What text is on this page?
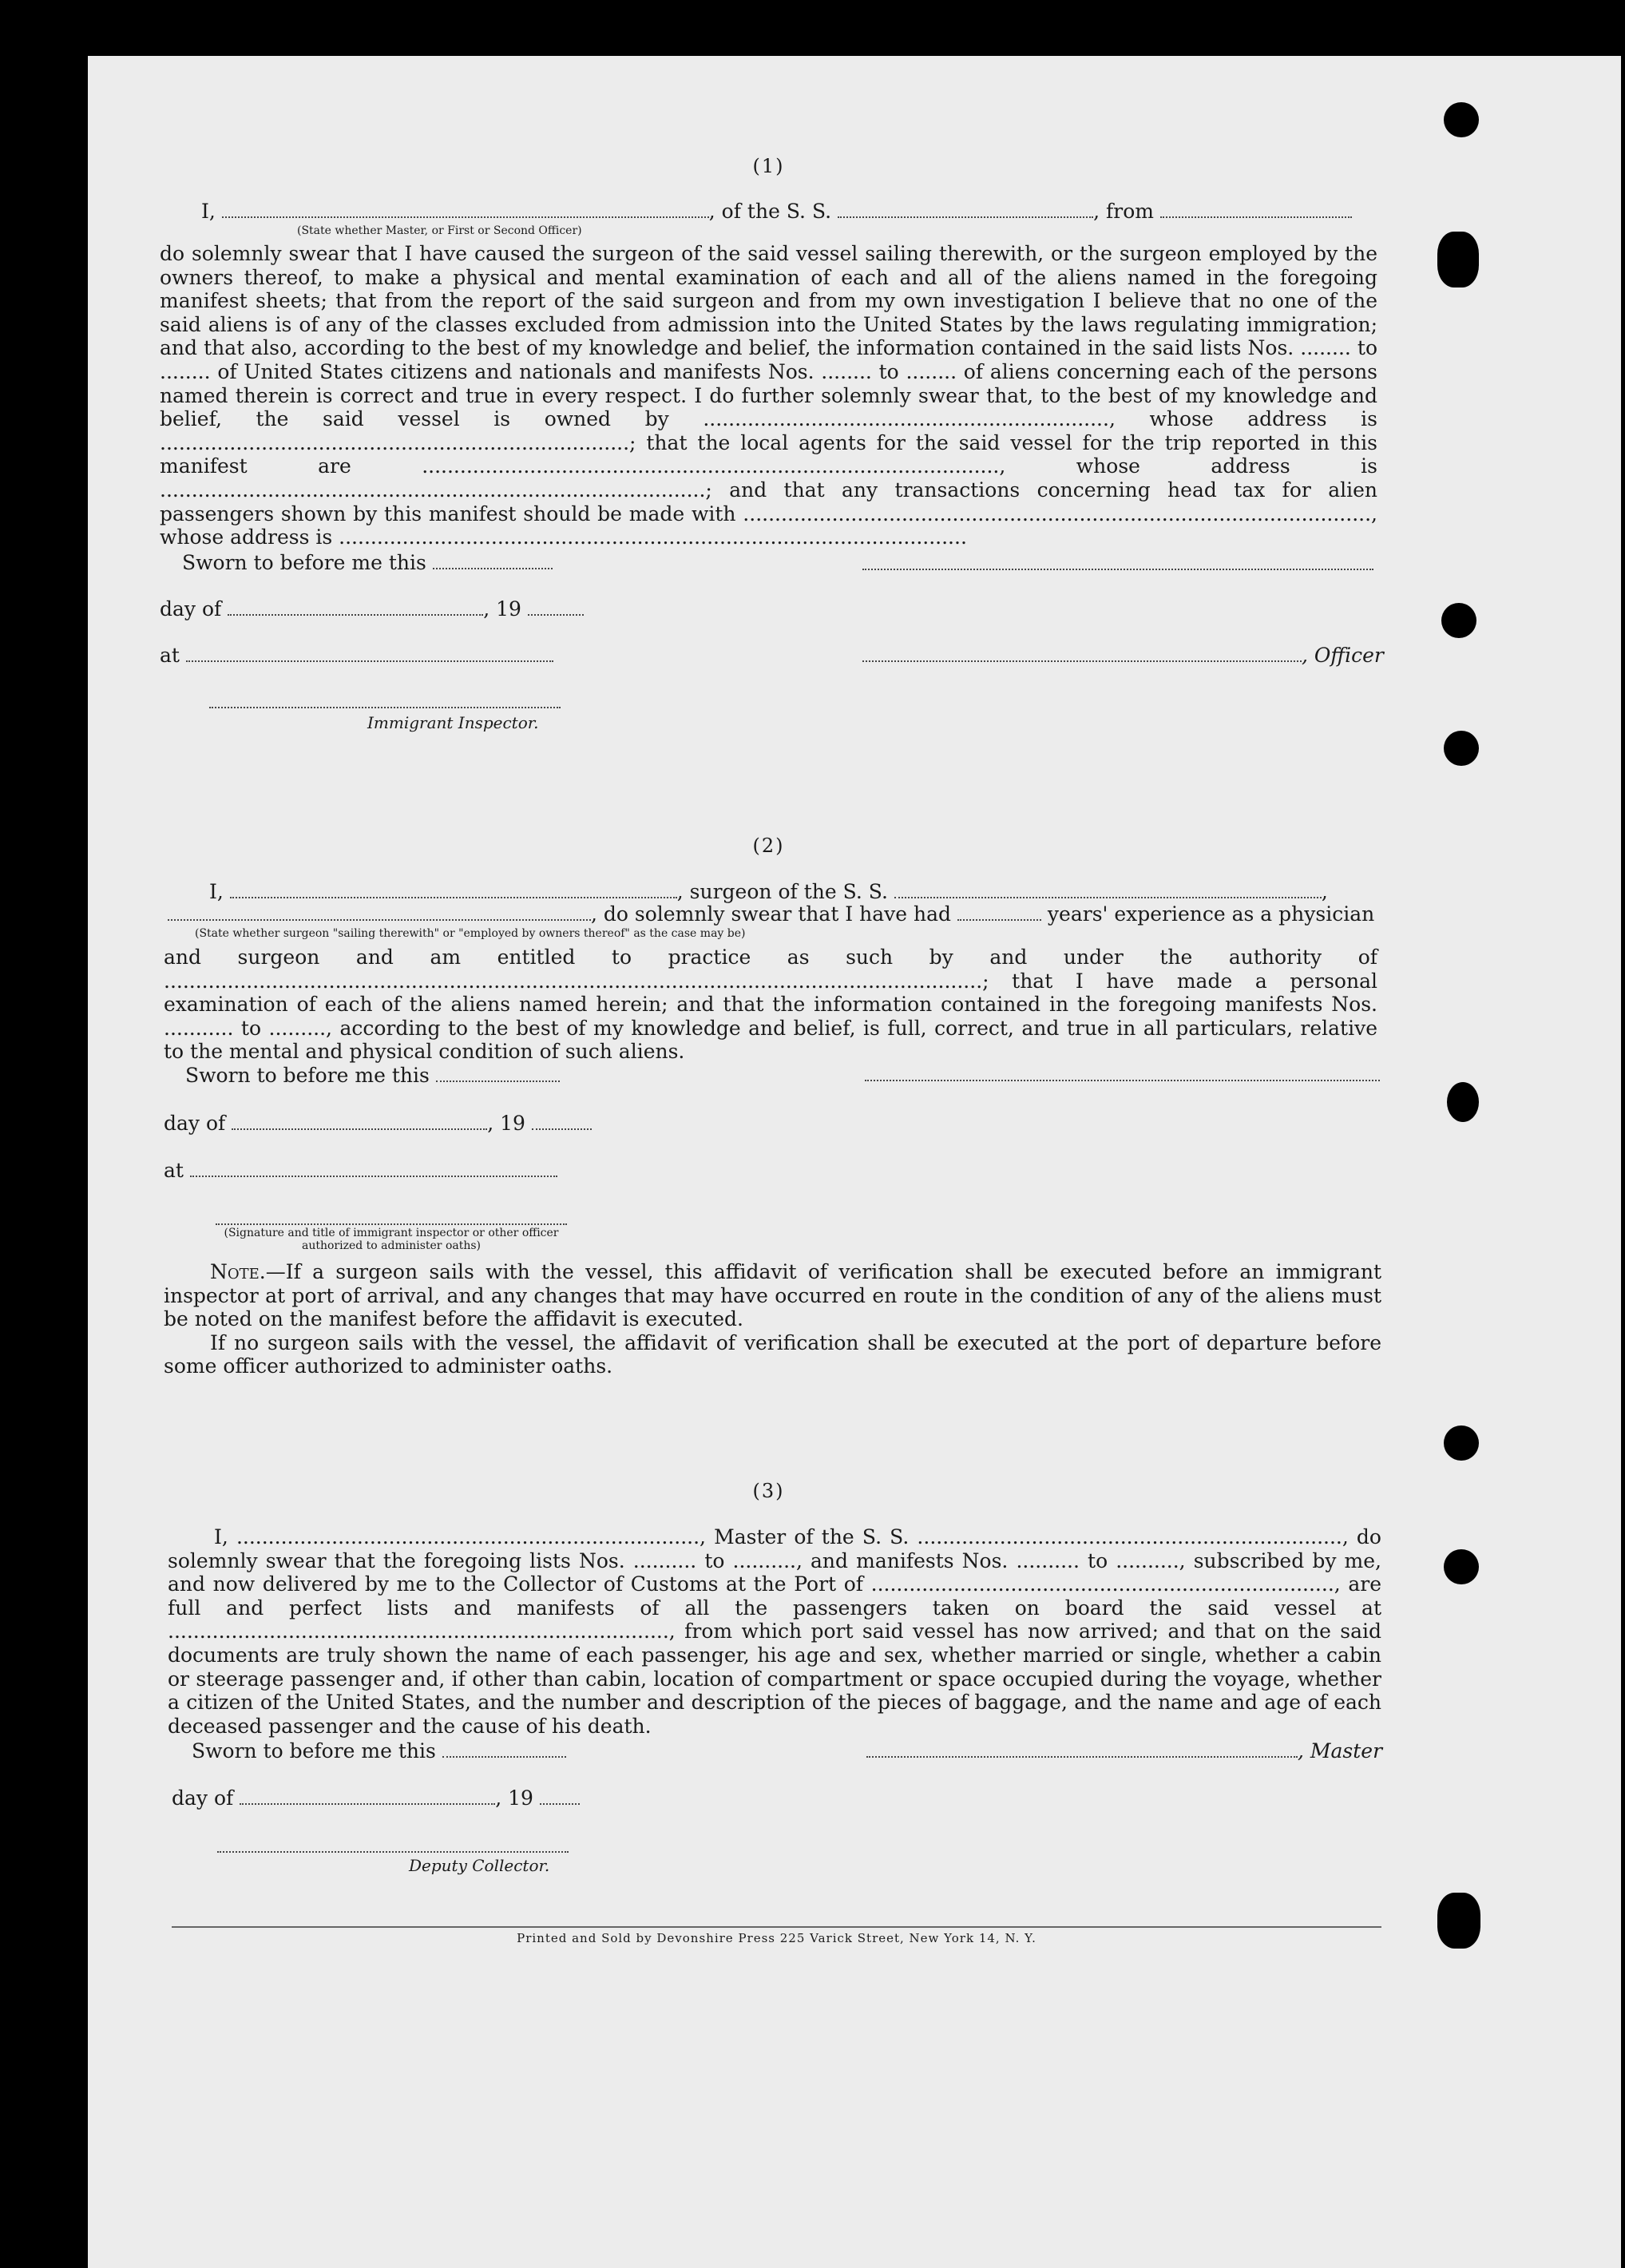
(1)
I,	, of the S. S.	, from
(State whether Master, or First or Second Officer)

do solemnly swear that I have caused the surgeon of the said vessel sailing therewith, or the surgeon employed by the owners thereof, to make a physical and mental examination of each and all of the aliens named in the foregoing manifest sheets; that from the report of the said surgeon and from my own investigation I believe that no one of the said aliens is of any of the classes excluded from admission into the United States by the laws regulating immigration; and that also, according to the best of my knowledge and belief, the information contained in the said lists Nos. ........ to ........ of United States citizens and nationals and manifests Nos. ........ to ........ of aliens concerning each of the persons named therein is correct and true in every respect. I do further solemnly swear that, to the best of my knowledge and belief, the said vessel is owned by ................................................................, whose address is ..........................................................................; that the local agents for the said vessel for the trip reported in this manifest are ..........................................................................................., whose address is ......................................................................................; and that any transactions concerning head tax for alien passengers shown by this manifest should be made with ..................................................................................................., whose address is ...................................................................................................

Sworn to before me this
day of	, 19
at	, Officer
Immigrant Inspector.
(2)
I,	, surgeon of the S. S.	,
, do solemnly swear that I have had	years' experience as a physician
(State whether surgeon "sailing therewith" or "employed by owners thereof" as the case may be)

and surgeon and am entitled to practice as such by and under the authority of .................................................................................................................................; that I have made a personal examination of each of the aliens named herein; and that the information contained in the foregoing manifests Nos. ........... to ........., according to the best of my knowledge and belief, is full, correct, and true in all particulars, relative to the mental and physical condition of such aliens.

Sworn to before me this
day of	, 19
at
(Signature and title of immigrant inspector or other officer authorized to administer oaths)

Note.—If a surgeon sails with the vessel, this affidavit of verification shall be executed before an immigrant inspector at port of arrival, and any changes that may have occurred en route in the condition of any of the aliens must be noted on the manifest before the affidavit is executed.

If no surgeon sails with the vessel, the affidavit of verification shall be executed at the port of departure before some officer authorized to administer oaths.

(3)

I, ........................................................................., Master of the S. S. ..................................................................., do solemnly swear that the foregoing lists Nos. .......... to .........., and manifests Nos. .......... to .........., subscribed by me, and now delivered by me to the Collector of Customs at the Port of ........................................................................., are full and perfect lists and manifests of all the passengers taken on board the said vessel at ..............................................................................., from which port said vessel has now arrived; and that on the said documents are truly shown the name of each passenger, his age and sex, whether married or single, whether a cabin or steerage passenger and, if other than cabin, location of compartment or space occupied during the voyage, whether a citizen of the United States, and the number and description of the pieces of baggage, and the name and age of each deceased passenger and the cause of his death.

Sworn to before me this	, Master
day of	, 19
Deputy Collector.
Printed and Sold by Devonshire Press 225 Varick Street, New York 14, N. Y.
